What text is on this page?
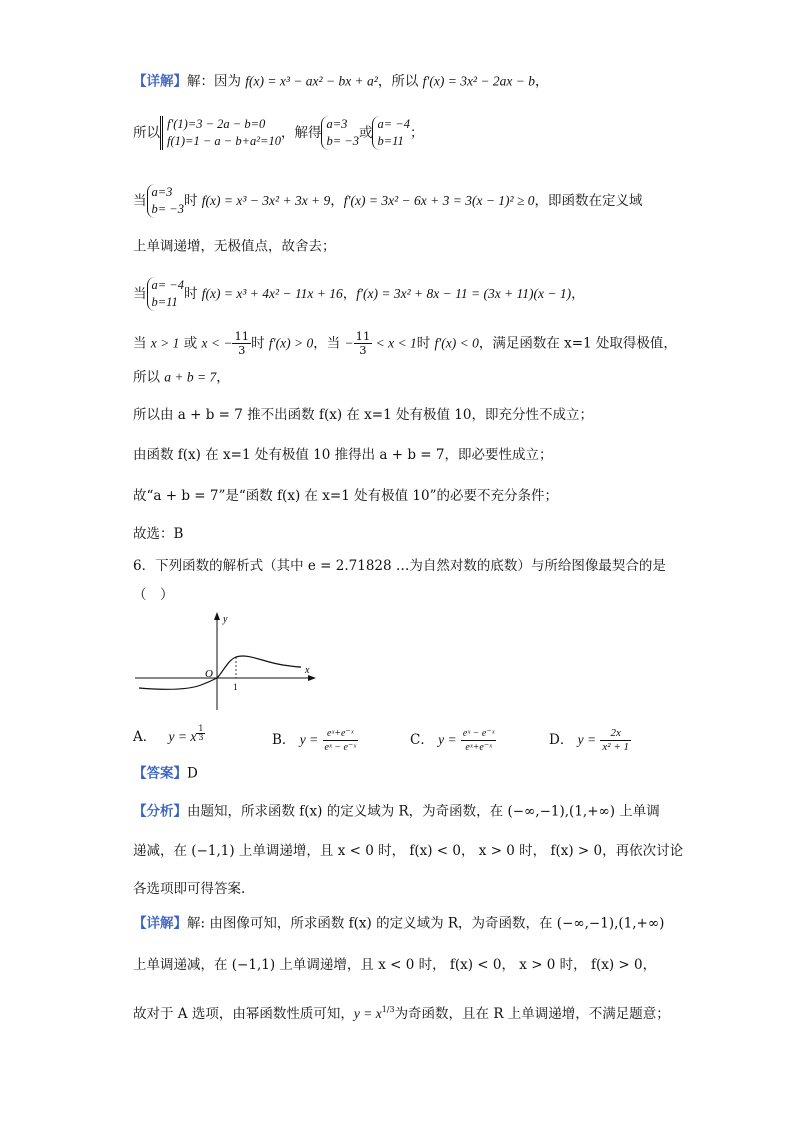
【详解】解：因为 f(x) = x³ − ax² − bx + a²，所以 f′(x) = 3x² − 2ax − b，
所以
f′(1)=3 − 2a − b=0
f(1)=1 − a − b+a²=10 ，解得
a=3
b= −3 或
a= −4
b=11 ；
当
a=3
b= −3 时 f(x) = x³ − 3x² + 3x + 9，f′(x) = 3x² − 6x + 3 = 3(x − 1)² ≥ 0，即函数在定义域
上单调递增，无极值点，故舍去；
当
a= −4
b=11 时 f(x) = x³ + 4x² − 11x + 16，f′(x) = 3x² + 8x − 11 = (3x + 11)(x − 1)，
当 x > 1 或 x < − $\frac{11}{3}$ 时 f′(x) > 0，当 − $\frac{11}{3} < x < 1$时 f′(x) < 0，满足函数在 x=1 处取得极值，
所以 a + b = 7，
所以由 a + b = 7 推不出函数 f(x) 在 x=1 处有极值 10，即充分性不成立；
由函数 f(x) 在 x=1 处有极值 10 推得出 a + b = 7，即必要性成立；
故“a + b = 7”是“函数 f(x) 在 x=1 处有极值 10”的必要不充分条件；
故选：B
6．下列函数的解析式（其中 e = 2.71828 …为自然对数的底数）与所给图像最契合的是
（　）
y
x
O
1
A． y = x $\frac{1}{3}$	B． $y = \frac{\text{eˣ+e⁻ˣ}}{\text{eˣ − e⁻ˣ}}$	C． $y = \frac{\text{eˣ − e⁻ˣ}}{\text{eˣ+e⁻ˣ}}$	D． $y = \frac{2x}{\text{x² + 1}}$
【答案】D
【分析】由题知，所求函数 f(x) 的定义域为 R，为奇函数，在 (−∞,−1),(1,+∞) 上单调
递减，在 (−1,1) 上单调递增，且 x < 0 时， f(x) < 0， x > 0 时， f(x) > 0，再依次讨论
各选项即可得答案.
【详解】解: 由图像可知，所求函数 f(x) 的定义域为 R，为奇函数，在 (−∞,−1),(1,+∞)
上单调递减，在 (−1,1) 上单调递增，且 x < 0 时， f(x) < 0， x > 0 时， f(x) > 0，
故对于 A 选项，由幂函数性质可知，$y = x^{1/3}$为奇函数，且在 R 上单调递增，不满足题意；
